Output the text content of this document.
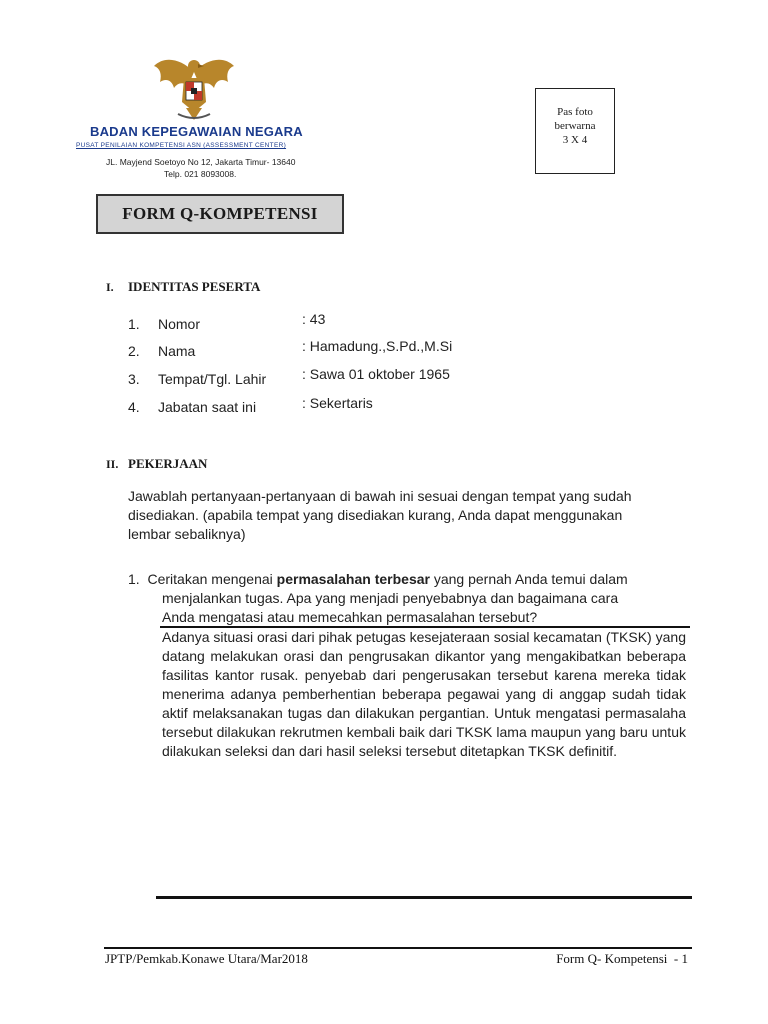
BADAN KEPEGAWAIAN NEGARA
PUSAT PENILAIAN KOMPETENSI ASN (ASSESSMENT CENTER)
JL. Mayjend Soetoyo No 12, Jakarta Timur- 13640
Telp. 021 8093008.
Pas foto
berwarna
3 X 4
FORM Q-KOMPETENSI
I. IDENTITAS PESERTA
1. Nomor	: 43
2. Nama	: Hamadung.,S.Pd.,M.Si
3. Tempat/Tgl. Lahir	: Sawa 01 oktober 1965
4. Jabatan saat ini	: Sekertaris
II. PEKERJAAN
Jawablah pertanyaan-pertanyaan di bawah ini sesuai dengan tempat yang sudah
disediakan. (apabila tempat yang disediakan kurang, Anda dapat menggunakan
lembar sebaliknya)
1. Ceritakan mengenai permasalahan terbesar yang pernah Anda temui dalam
menjalankan tugas. Apa yang menjadi penyebabnya dan bagaimana cara
Anda mengatasi atau memecahkan permasalahan tersebut?
Adanya situasi orasi dari pihak petugas kesejateraan sosial kecamatan (TKSK) yang datang melakukan orasi dan pengrusakan dikantor yang mengakibatkan beberapa fasilitas kantor rusak. penyebab dari pengerusakan tersebut karena mereka tidak menerima adanya pemberhentian beberapa pegawai yang di anggap sudah tidak aktif melaksanakan tugas dan dilakukan pergantian. Untuk mengatasi permasalaha tersebut dilakukan rekrutmen kembali baik dari TKSK lama maupun yang baru untuk dilakukan seleksi dan dari hasil seleksi tersebut ditetapkan TKSK definitif.
JPTP/Pemkab.Konawe Utara/Mar2018	Form Q- Kompetensi  - 1
